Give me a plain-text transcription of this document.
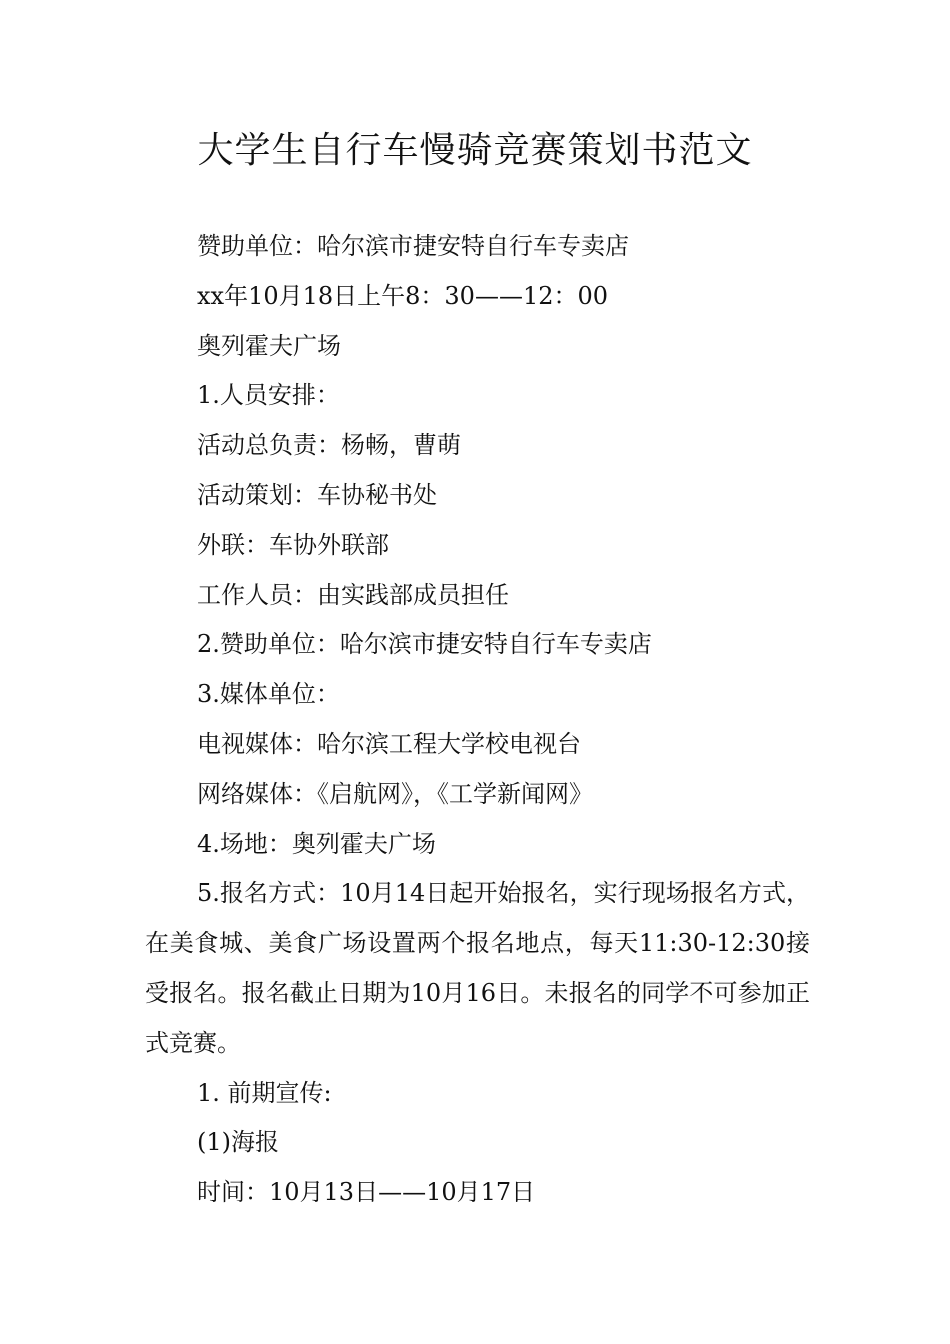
大学生自行车慢骑竞赛策划书范文

赞助单位：哈尔滨市捷安特自行车专卖店

xx年10月18日上午8：30——12：00

奥列霍夫广场

1.人员安排：

活动总负责：杨畅，曹萌

活动策划：车协秘书处

外联：车协外联部

工作人员：由实践部成员担任

2.赞助单位：哈尔滨市捷安特自行车专卖店

3.媒体单位：

电视媒体：哈尔滨工程大学校电视台

网络媒体：《启航网》，《工学新闻网》

4.场地：奥列霍夫广场

5.报名方式：10月14日起开始报名，实行现场报名方式，在美食城、美食广场设置两个报名地点，每天11:30-12:30接受报名。报名截止日期为10月16日。未报名的同学不可参加正式竞赛。

1. 前期宣传:

(1)海报

时间：10月13日——10月17日
